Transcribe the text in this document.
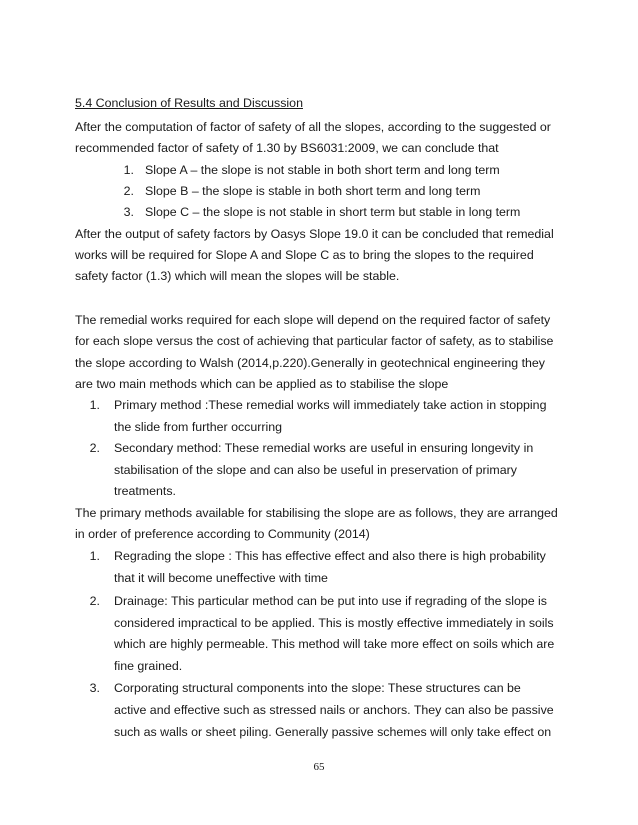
5.4 Conclusion of Results and Discussion
After the computation of factor of safety of all the slopes, according to the suggested or
recommended factor of safety of 1.30 by BS6031:2009, we can conclude that
1. Slope A – the slope is not stable in both short term and long term
2. Slope B – the slope is stable in both short term and long term
3. Slope C – the slope is not stable in short term but stable in long term
After the output of safety factors by Oasys Slope 19.0 it can be concluded that remedial
works will be required for Slope A and Slope C as to bring the slopes to the required
safety factor (1.3) which will mean the slopes will be stable.
The remedial works required for each slope will depend on the required factor of safety
for each slope versus the cost of achieving that particular factor of safety, as to stabilise
the slope according to Walsh (2014,p.220).Generally in geotechnical engineering they
are two main methods which can be applied as to stabilise the slope
1. Primary method :These remedial works will immediately take action in stopping
the slide from further occurring
2. Secondary method: These remedial works are useful in ensuring longevity in
stabilisation of the slope and can also be useful in preservation of primary
treatments.
The primary methods available for stabilising the slope are as follows, they are arranged
in order of preference according to Community (2014)
1. Regrading the slope : This has effective effect and also there is high probability
that it will become uneffective with time
2. Drainage: This particular method can be put into use if regrading of the slope is
considered impractical to be applied. This is mostly effective immediately in soils
which are highly permeable. This method will take more effect on soils which are
fine grained.
3. Corporating structural components into the slope: These structures can be
active and effective such as stressed nails or anchors. They can also be passive
such as walls or sheet piling. Generally passive schemes will only take effect on
65
